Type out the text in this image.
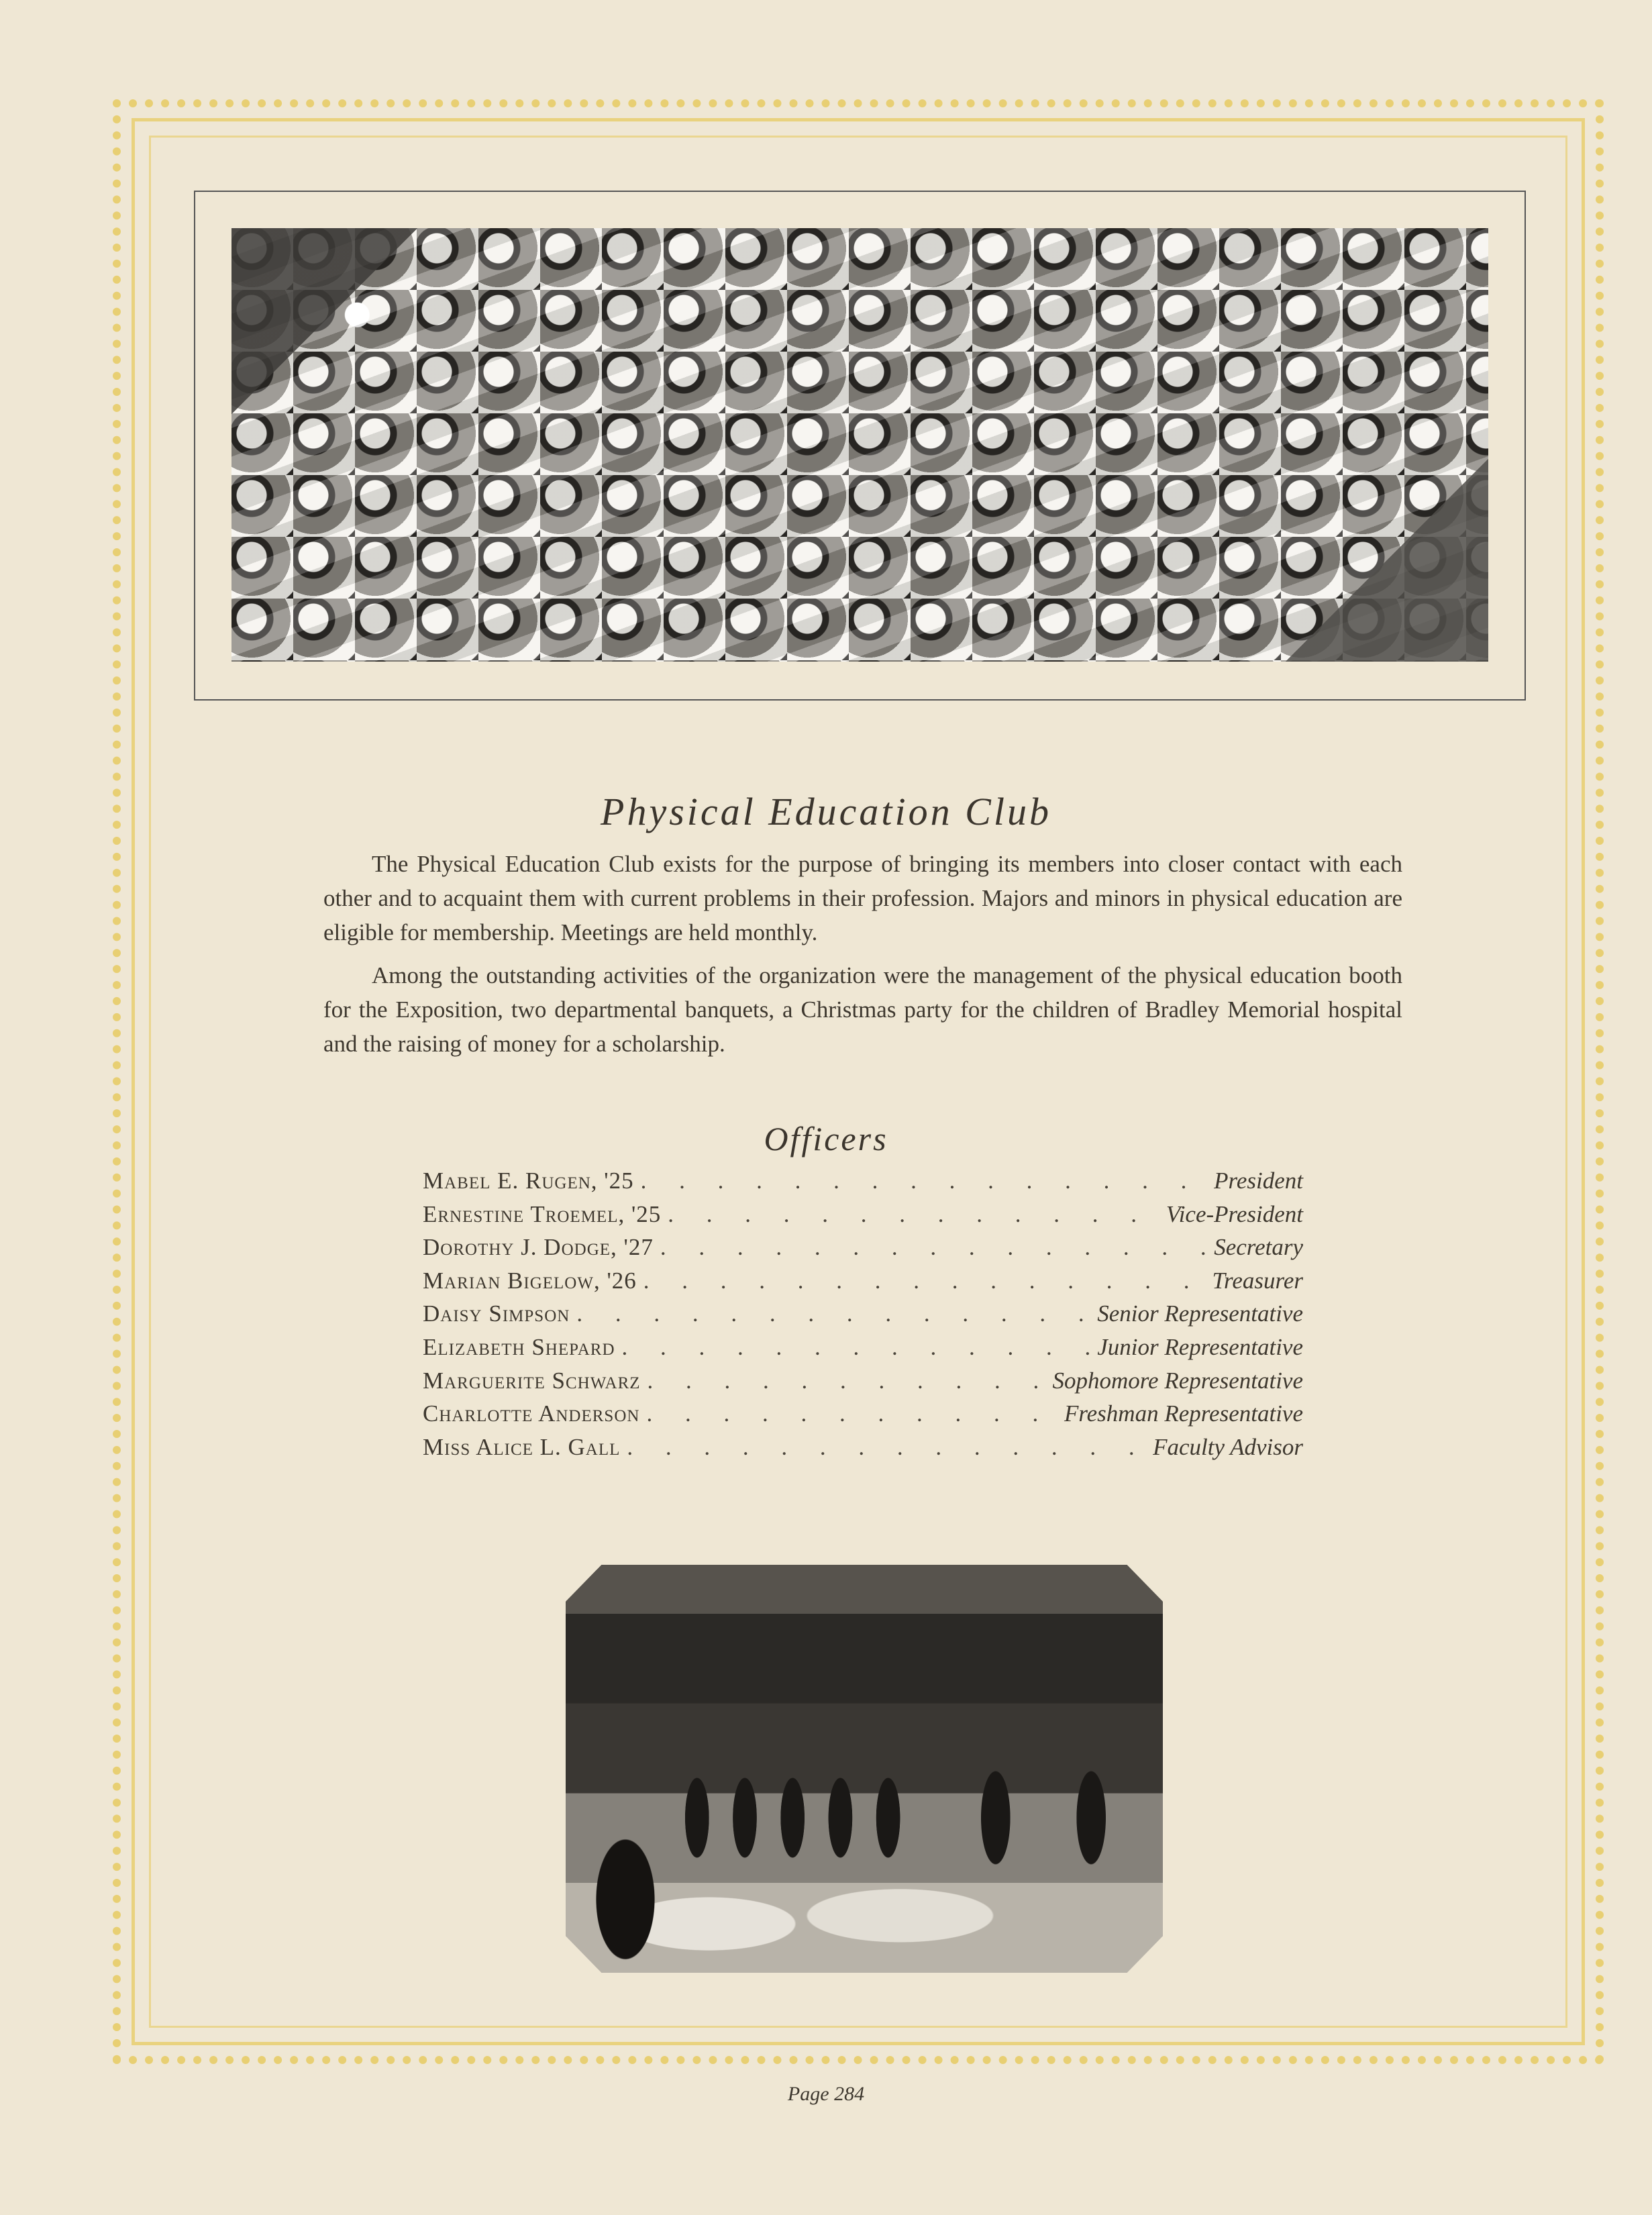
Physical Education Club

The Physical Education Club exists for the purpose of bringing its members into closer contact with each other and to acquaint them with current problems in their profession. Majors and minors in physical education are eligible for membership. Meetings are held monthly.

Among the outstanding activities of the organization were the management of the physical education booth for the Exposition, two departmental banquets, a Christmas party for the children of Bradley Memorial hospital and the raising of money for a scholarship.

Officers
Mabel E. Rugen, '25 . . .	President
Ernestine Troemel, '25 . . .	Vice-President
Dorothy J. Dodge, '27 . . .	Secretary
Marian Bigelow, '26 . . .	Treasurer
Daisy Simpson . . .	Senior Representative
Elizabeth Shepard . . .	Junior Representative
Marguerite Schwarz . . .	Sophomore Representative
Charlotte Anderson . . .	Freshman Representative
Miss Alice L. Gall . . .	Faculty Advisor
Page 284
